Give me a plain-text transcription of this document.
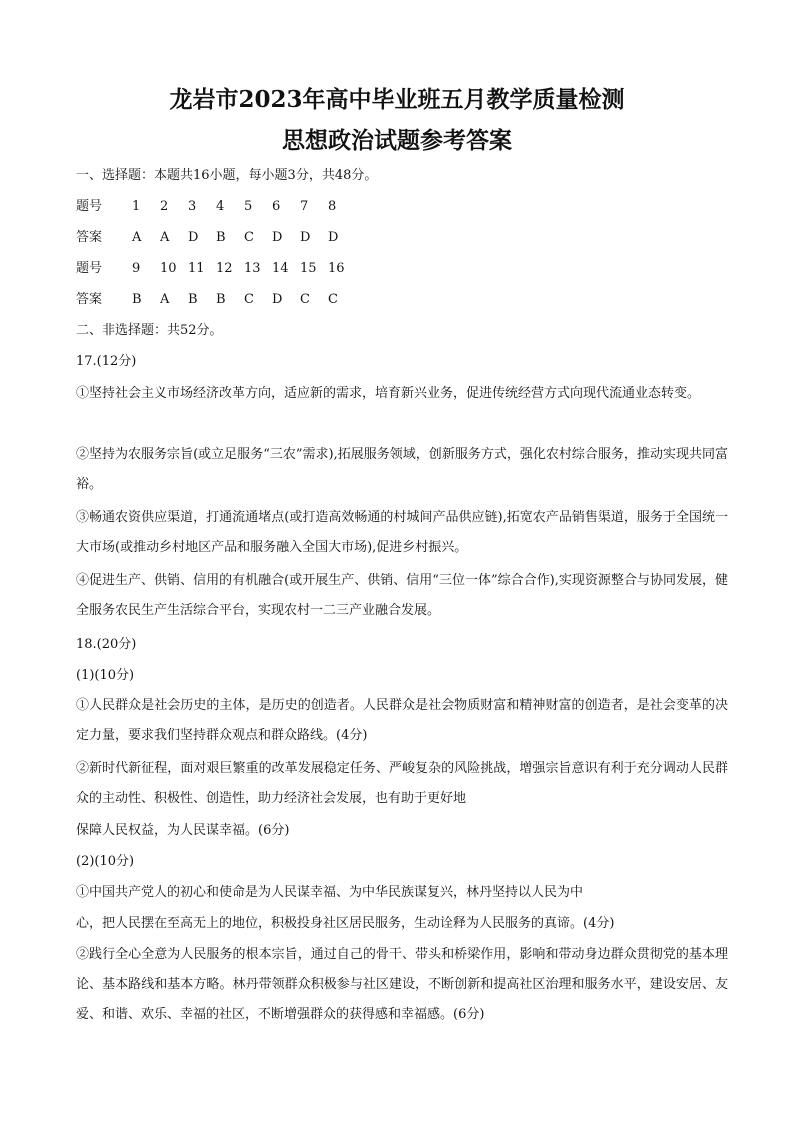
龙岩市2023年高中毕业班五月教学质量检测
思想政治试题参考答案
一、选择题：本题共16小题，每小题3分，共48分。
题号 1 2 3 4 5 6 7 8
答案 A A D B C D D D
题号 9 10 11 12 13 14 15 16
答案 B A B B C D C C
二、非选择题：共52分。
17.(12分)
①坚持社会主义市场经济改革方向，适应新的需求，培育新兴业务，促进传统经营方式向现代流通业态转变。
②坚持为农服务宗旨(或立足服务“三农”需求),拓展服务领域，创新服务方式，强化农村综合服务，推动实现共同富裕。
③畅通农资供应渠道，打通流通堵点(或打造高效畅通的村城间产品供应链),拓宽农产品销售渠道，服务于全国统一大市场(或推动乡村地区产品和服务融入全国大市场),促进乡村振兴。
④促进生产、供销、信用的有机融合(或开展生产、供销、信用“三位一体”综合合作),实现资源整合与协同发展，健全服务农民生产生活综合平台，实现农村一二三产业融合发展。
18.(20分)
(1)(10分)
①人民群众是社会历史的主体，是历史的创造者。人民群众是社会物质财富和精神财富的创造者，是社会变革的决定力量，要求我们坚持群众观点和群众路线。(4分)
②新时代新征程，面对艰巨繁重的改革发展稳定任务、严峻复杂的风险挑战，增强宗旨意识有利于充分调动人民群众的主动性、积极性、创造性，助力经济社会发展，也有助于更好地
保障人民权益，为人民谋幸福。(6分)
(2)(10分)
①中国共产党人的初心和使命是为人民谋幸福、为中华民族谋复兴，林丹坚持以人民为中
心，把人民摆在至高无上的地位，积极投身社区居民服务，生动诠释为人民服务的真谛。(4分)
②践行全心全意为人民服务的根本宗旨，通过自己的骨干、带头和桥梁作用，影响和带动身边群众贯彻党的基本理论、基本路线和基本方略。林丹带领群众积极参与社区建设，不断创新和提高社区治理和服务水平，建设安居、友爱、和谐、欢乐、幸福的社区，不断增强群众的获得感和幸福感。(6分)
